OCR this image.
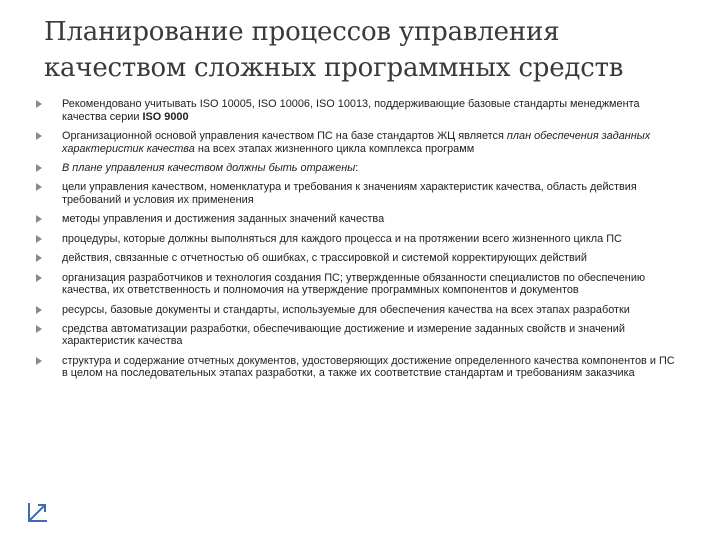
Планирование процессов управления
качеством сложных программных средств
Рекомендовано учитывать ISO 10005, ISO 10006, ISO 10013, поддерживающие базовые стандарты менеджмента качества серии ISO 9000
Организационной основой управления качеством ПС на базе стандартов ЖЦ является план обеспечения заданных характеристик качества на всех этапах жизненного цикла комплекса программ
В плане управления качеством должны быть отражены:
цели управления качеством, номенклатура и требования к значениям характеристик качества, область действия требований и условия их применения
методы управления и достижения заданных значений качества
процедуры, которые должны выполняться для каждого процесса и на протяжении всего жизненного цикла ПС
действия, связанные с отчетностью об ошибках, с трассировкой и системой корректирующих действий
организация разработчиков и технология создания ПС; утвержденные обязанности специалистов по обеспечению качества, их ответственность и полномочия на утверждение программных компонентов и документов
ресурсы, базовые документы и стандарты, используемые для обеспечения качества на всех этапах разработки
средства автоматизации разработки, обеспечивающие достижение и измерение заданных свойств и значений характеристик качества
структура и содержание отчетных документов, удостоверяющих достижение определенного качества компонентов и ПС в целом на последовательных этапах разработки, а также их соответствие стандартам и требованиям заказчика
